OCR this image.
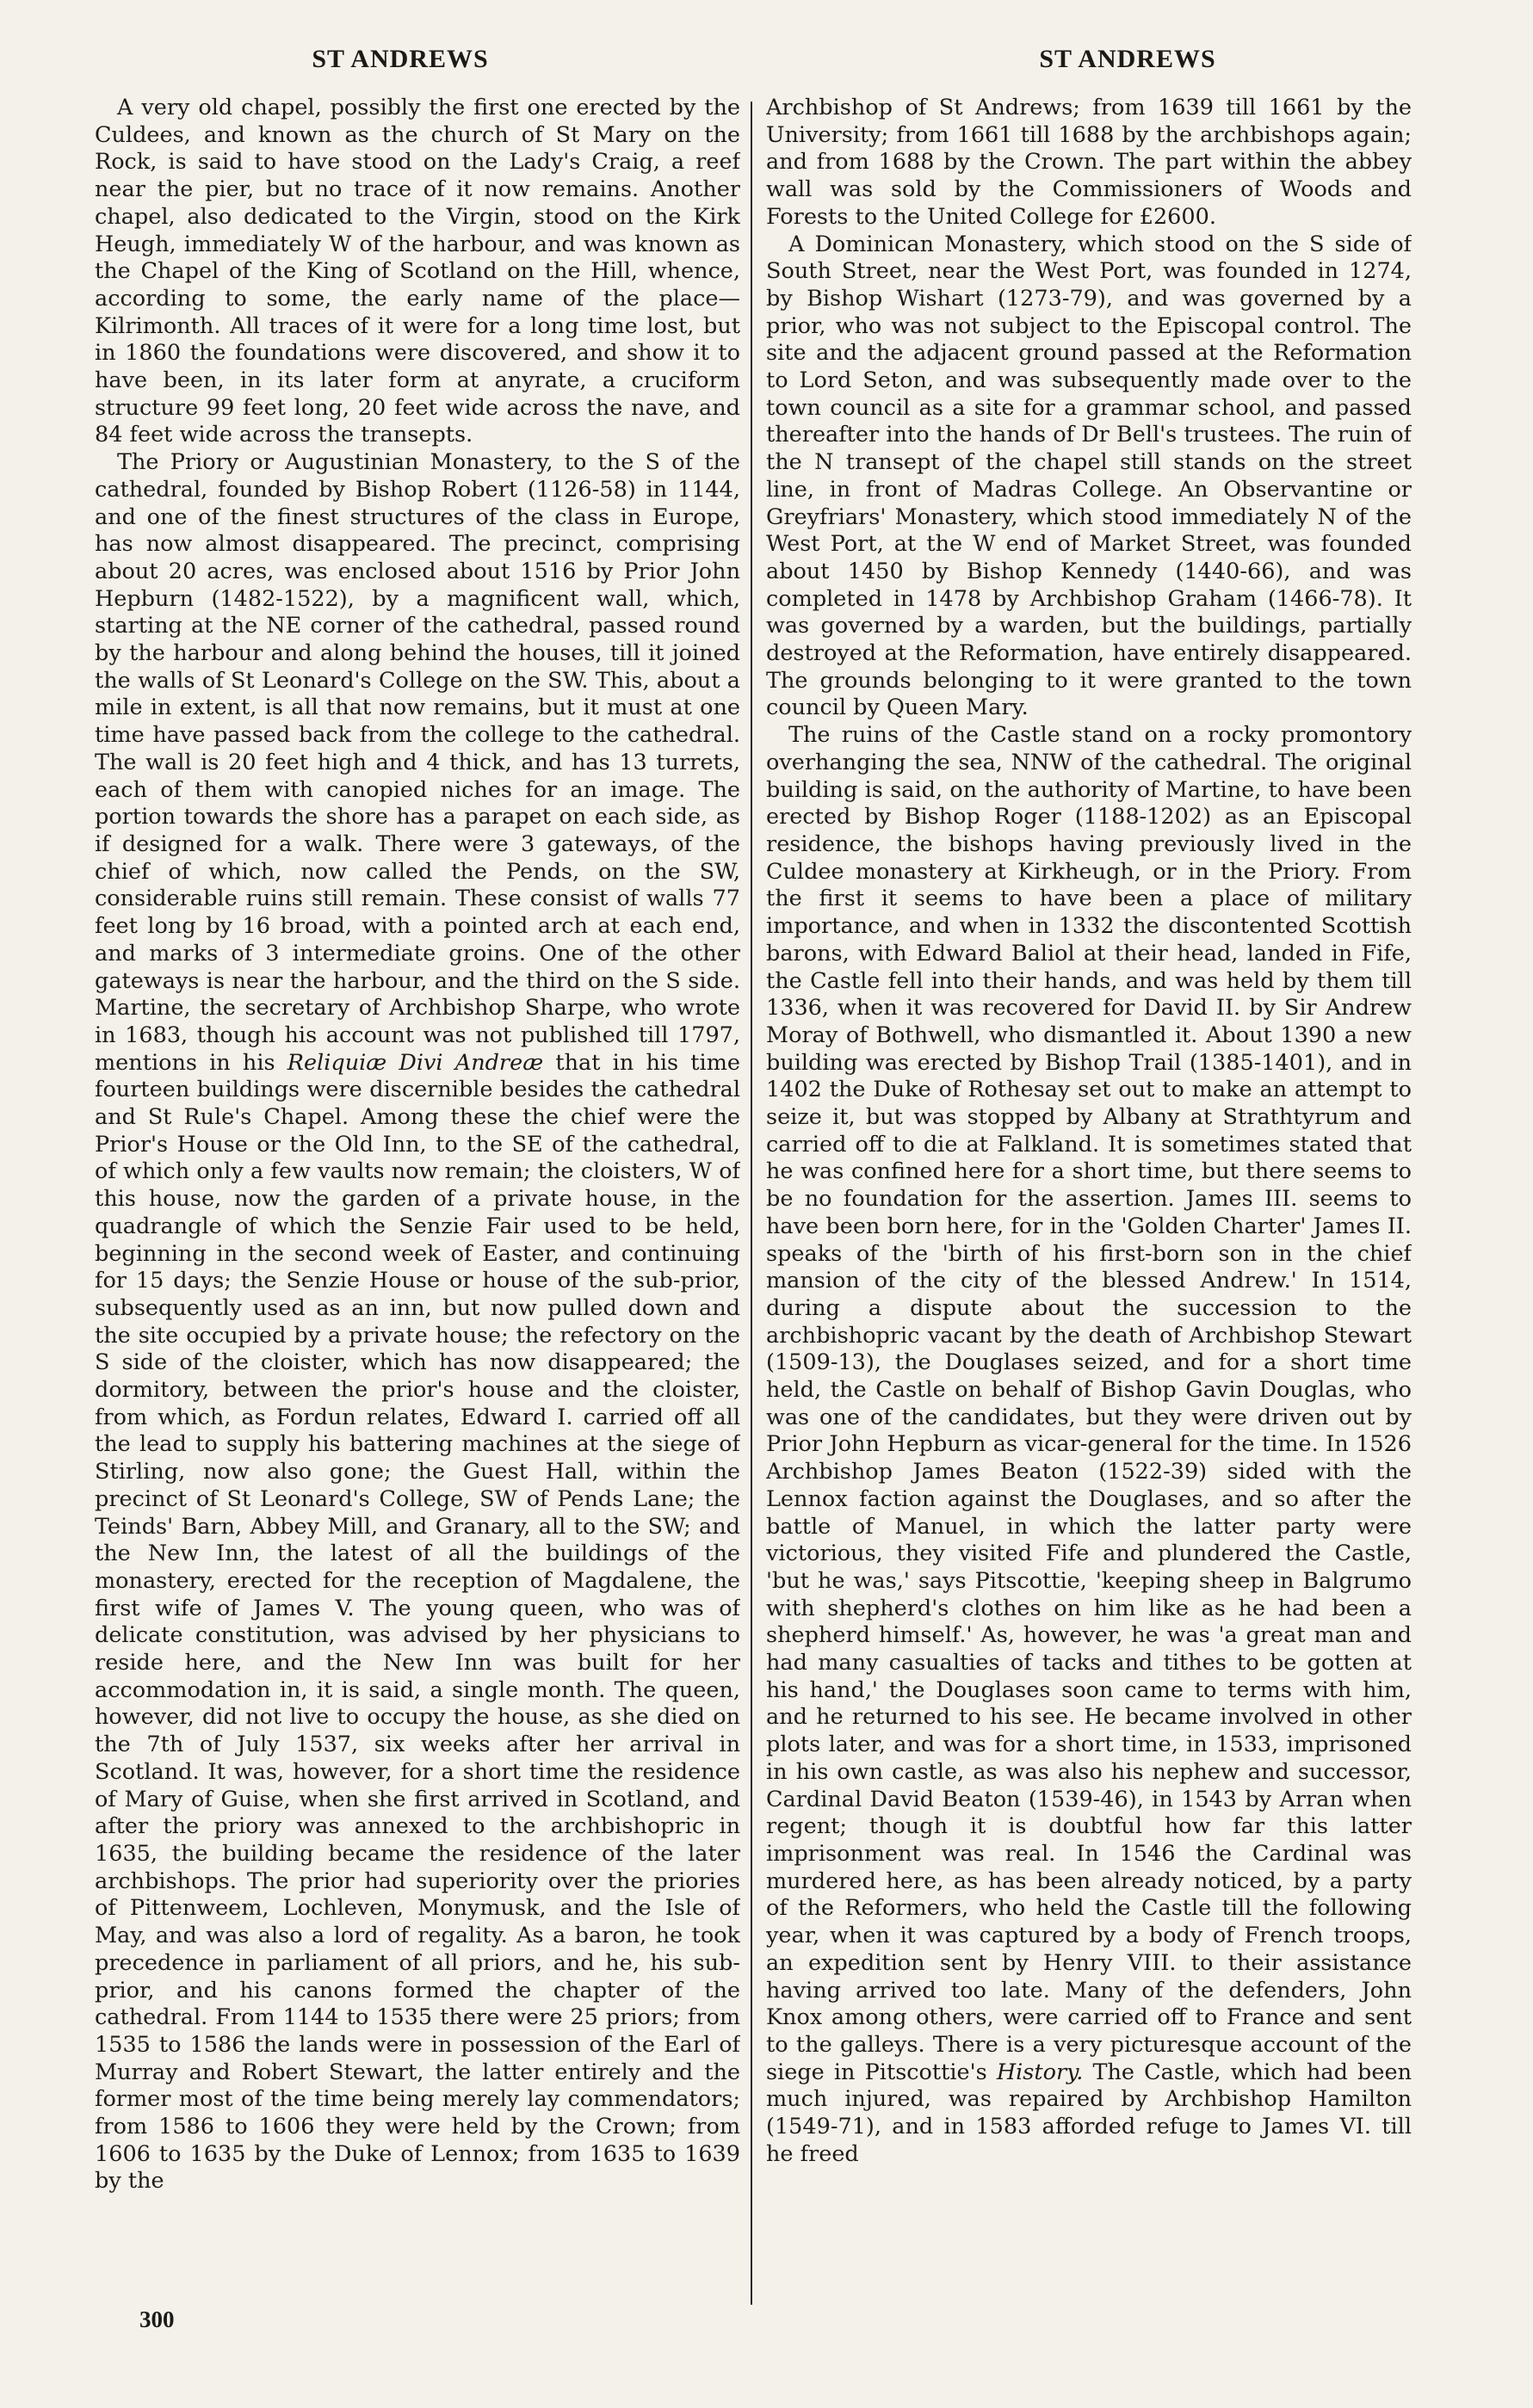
ST ANDREWS	ST ANDREWS

A very old chapel, possibly the first one erected by the Culdees, and known as the church of St Mary on the Rock, is said to have stood on the Lady's Craig, a reef near the pier, but no trace of it now remains. Another chapel, also dedicated to the Virgin, stood on the Kirk Heugh, immediately W of the harbour, and was known as the Chapel of the King of Scotland on the Hill, whence, according to some, the early name of the place—Kilrimonth. All traces of it were for a long time lost, but in 1860 the foundations were discovered, and show it to have been, in its later form at anyrate, a cruciform structure 99 feet long, 20 feet wide across the nave, and 84 feet wide across the transepts.

The Priory or Augustinian Monastery, to the S of the cathedral, founded by Bishop Robert (1126-58) in 1144, and one of the finest structures of the class in Europe, has now almost disappeared. The precinct, comprising about 20 acres, was enclosed about 1516 by Prior John Hepburn (1482-1522), by a magnificent wall, which, starting at the NE corner of the cathedral, passed round by the harbour and along behind the houses, till it joined the walls of St Leonard's College on the SW. This, about a mile in extent, is all that now remains, but it must at one time have passed back from the college to the cathedral. The wall is 20 feet high and 4 thick, and has 13 turrets, each of them with canopied niches for an image. The portion towards the shore has a parapet on each side, as if designed for a walk. There were 3 gateways, of the chief of which, now called the Pends, on the SW, considerable ruins still remain. These consist of walls 77 feet long by 16 broad, with a pointed arch at each end, and marks of 3 intermediate groins. One of the other gateways is near the harbour, and the third on the S side. Martine, the secretary of Archbishop Sharpe, who wrote in 1683, though his account was not published till 1797, mentions in his Reliquiæ Divi Andreæ that in his time fourteen buildings were discernible besides the cathedral and St Rule's Chapel. Among these the chief were the Prior's House or the Old Inn, to the SE of the cathedral, of which only a few vaults now remain; the cloisters, W of this house, now the garden of a private house, in the quadrangle of which the Senzie Fair used to be held, beginning in the second week of Easter, and continuing for 15 days; the Senzie House or house of the sub-prior, subsequently used as an inn, but now pulled down and the site occupied by a private house; the refectory on the S side of the cloister, which has now disappeared; the dormitory, between the prior's house and the cloister, from which, as Fordun relates, Edward I. carried off all the lead to supply his battering machines at the siege of Stirling, now also gone; the Guest Hall, within the precinct of St Leonard's College, SW of Pends Lane; the Teinds' Barn, Abbey Mill, and Granary, all to the SW; and the New Inn, the latest of all the buildings of the monastery, erected for the reception of Magdalene, the first wife of James V. The young queen, who was of delicate constitution, was advised by her physicians to reside here, and the New Inn was built for her accommodation in, it is said, a single month. The queen, however, did not live to occupy the house, as she died on the 7th of July 1537, six weeks after her arrival in Scotland. It was, however, for a short time the residence of Mary of Guise, when she first arrived in Scotland, and after the priory was annexed to the archbishopric in 1635, the building became the residence of the later archbishops. The prior had superiority over the priories of Pittenweem, Lochleven, Monymusk, and the Isle of May, and was also a lord of regality. As a baron, he took precedence in parliament of all priors, and he, his sub-prior, and his canons formed the chapter of the cathedral. From 1144 to 1535 there were 25 priors; from 1535 to 1586 the lands were in possession of the Earl of Murray and Robert Stewart, the latter entirely and the former most of the time being merely lay commendators; from 1586 to 1606 they were held by the Crown; from 1606 to 1635 by the Duke of Lennox; from 1635 to 1639 by the

Archbishop of St Andrews; from 1639 till 1661 by the University; from 1661 till 1688 by the archbishops again; and from 1688 by the Crown. The part within the abbey wall was sold by the Commissioners of Woods and Forests to the United College for £2600.

A Dominican Monastery, which stood on the S side of South Street, near the West Port, was founded in 1274, by Bishop Wishart (1273-79), and was governed by a prior, who was not subject to the Episcopal control. The site and the adjacent ground passed at the Reformation to Lord Seton, and was subsequently made over to the town council as a site for a grammar school, and passed thereafter into the hands of Dr Bell's trustees. The ruin of the N transept of the chapel still stands on the street line, in front of Madras College. An Observantine or Greyfriars' Monastery, which stood immediately N of the West Port, at the W end of Market Street, was founded about 1450 by Bishop Kennedy (1440-66), and was completed in 1478 by Archbishop Graham (1466-78). It was governed by a warden, but the buildings, partially destroyed at the Reformation, have entirely disappeared. The grounds belonging to it were granted to the town council by Queen Mary.

The ruins of the Castle stand on a rocky promontory overhanging the sea, NNW of the cathedral. The original building is said, on the authority of Martine, to have been erected by Bishop Roger (1188-1202) as an Episcopal residence, the bishops having previously lived in the Culdee monastery at Kirkheugh, or in the Priory. From the first it seems to have been a place of military importance, and when in 1332 the discontented Scottish barons, with Edward Baliol at their head, landed in Fife, the Castle fell into their hands, and was held by them till 1336, when it was recovered for David II. by Sir Andrew Moray of Bothwell, who dismantled it. About 1390 a new building was erected by Bishop Trail (1385-1401), and in 1402 the Duke of Rothesay set out to make an attempt to seize it, but was stopped by Albany at Strathtyrum and carried off to die at Falkland. It is sometimes stated that he was confined here for a short time, but there seems to be no foundation for the assertion. James III. seems to have been born here, for in the 'Golden Charter' James II. speaks of the 'birth of his first-born son in the chief mansion of the city of the blessed Andrew.' In 1514, during a dispute about the succession to the archbishopric vacant by the death of Archbishop Stewart (1509-13), the Douglases seized, and for a short time held, the Castle on behalf of Bishop Gavin Douglas, who was one of the candidates, but they were driven out by Prior John Hepburn as vicar-general for the time. In 1526 Archbishop James Beaton (1522-39) sided with the Lennox faction against the Douglases, and so after the battle of Manuel, in which the latter party were victorious, they visited Fife and plundered the Castle, 'but he was,' says Pitscottie, 'keeping sheep in Balgrumo with shepherd's clothes on him like as he had been a shepherd himself.' As, however, he was 'a great man and had many casualties of tacks and tithes to be gotten at his hand,' the Douglases soon came to terms with him, and he returned to his see. He became involved in other plots later, and was for a short time, in 1533, imprisoned in his own castle, as was also his nephew and successor, Cardinal David Beaton (1539-46), in 1543 by Arran when regent; though it is doubtful how far this latter imprisonment was real. In 1546 the Cardinal was murdered here, as has been already noticed, by a party of the Reformers, who held the Castle till the following year, when it was captured by a body of French troops, an expedition sent by Henry VIII. to their assistance having arrived too late. Many of the defenders, John Knox among others, were carried off to France and sent to the galleys. There is a very picturesque account of the siege in Pitscottie's History. The Castle, which had been much injured, was repaired by Archbishop Hamilton (1549-71), and in 1583 afforded refuge to James VI. till he freed

300
